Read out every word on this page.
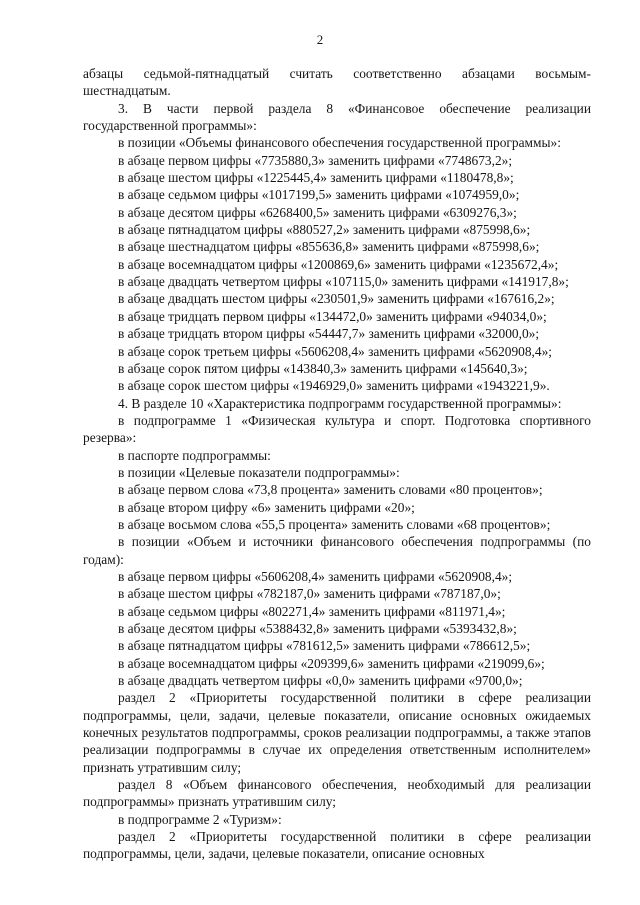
2

абзацы седьмой-пятнадцатый считать соответственно абзацами восьмым-шестнадцатым.

3. В части первой раздела 8 «Финансовое обеспечение реализации государственной программы»:

в позиции «Объемы финансового обеспечения государственной программы»:

в абзаце первом цифры «7735880,3» заменить цифрами «7748673,2»;

в абзаце шестом цифры «1225445,4» заменить цифрами «1180478,8»;

в абзаце седьмом цифры «1017199,5» заменить цифрами «1074959,0»;

в абзаце десятом цифры «6268400,5» заменить цифрами «6309276,3»;

в абзаце пятнадцатом цифры «880527,2» заменить цифрами «875998,6»;

в абзаце шестнадцатом цифры «855636,8» заменить цифрами «875998,6»;

в абзаце восемнадцатом цифры «1200869,6» заменить цифрами «1235672,4»;

в абзаце двадцать четвертом цифры «107115,0» заменить цифрами «141917,8»;

в абзаце двадцать шестом цифры «230501,9» заменить цифрами «167616,2»;

в абзаце тридцать первом цифры «134472,0» заменить цифрами «94034,0»;

в абзаце тридцать втором цифры «54447,7» заменить цифрами «32000,0»;

в абзаце сорок третьем цифры «5606208,4» заменить цифрами «5620908,4»;

в абзаце сорок пятом цифры «143840,3» заменить цифрами «145640,3»;

в абзаце сорок шестом цифры «1946929,0» заменить цифрами «1943221,9».

4. В разделе 10 «Характеристика подпрограмм государственной программы»:

в подпрограмме 1 «Физическая культура и спорт. Подготовка спортивного резерва»:

в паспорте подпрограммы:

в позиции «Целевые показатели подпрограммы»:

в абзаце первом слова «73,8 процента» заменить словами «80 процентов»;

в абзаце втором цифру «6» заменить цифрами «20»;

в абзаце восьмом слова «55,5 процента» заменить словами «68 процентов»;

в позиции «Объем и источники финансового обеспечения подпрограммы (по годам):

в абзаце первом цифры «5606208,4» заменить цифрами «5620908,4»;

в абзаце шестом цифры «782187,0» заменить цифрами «787187,0»;

в абзаце седьмом цифры «802271,4» заменить цифрами «811971,4»;

в абзаце десятом цифры «5388432,8» заменить цифрами «5393432,8»;

в абзаце пятнадцатом цифры «781612,5» заменить цифрами «786612,5»;

в абзаце восемнадцатом цифры «209399,6» заменить цифрами «219099,6»;

в абзаце двадцать четвертом цифры «0,0» заменить цифрами «9700,0»;

раздел 2 «Приоритеты государственной политики в сфере реализации подпрограммы, цели, задачи, целевые показатели, описание основных ожидаемых конечных результатов подпрограммы, сроков реализации подпрограммы, а также этапов реализации подпрограммы в случае их определения ответственным исполнителем» признать утратившим силу;

раздел 8 «Объем финансового обеспечения, необходимый для реализации подпрограммы» признать утратившим силу;

в подпрограмме 2 «Туризм»:

раздел 2 «Приоритеты государственной политики в сфере реализации подпрограммы, цели, задачи, целевые показатели, описание основных
